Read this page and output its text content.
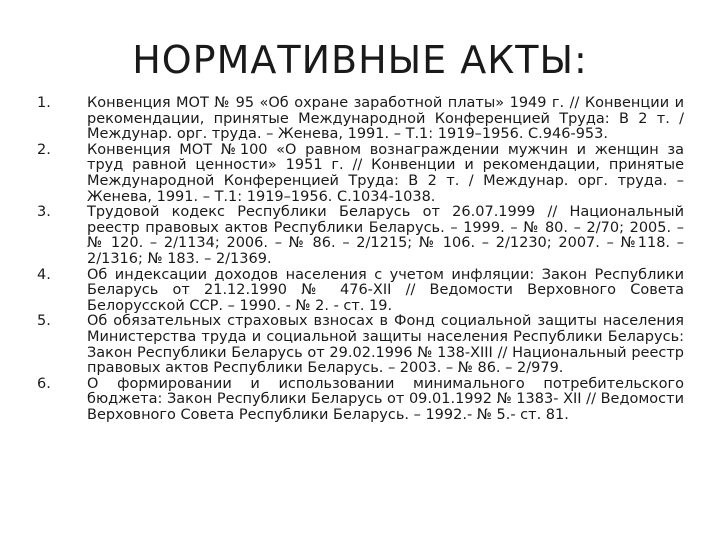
НОРМАТИВНЫЕ АКТЫ:
1.	Конвенция МОТ № 95 «Об охране заработной платы» 1949 г. // Конвенции и рекомендации, принятые Международной Конференцией Труда: В 2 т. / Междунар. орг. труда. – Женева, 1991. – Т.1: 1919–1956. С.946-953.
2.	Конвенция МОТ №100 «О равном вознаграждении мужчин и женщин за труд равной ценности» 1951 г. // Конвенции и рекомендации, принятые Международной Конференцией Труда: В 2 т. / Междунар. орг. труда. – Женева, 1991. – Т.1: 1919–1956. С.1034-1038.
3.	Трудовой кодекс Республики Беларусь от 26.07.1999 // Национальный реестр правовых актов Республики Беларусь. – 1999. – № 80. – 2/70; 2005. – № 120. – 2/1134; 2006. – № 86. – 2/1215; № 106. – 2/1230; 2007. – №118. – 2/1316; № 183. – 2/1369.
4.	Об индексации доходов населения с учетом инфляции: Закон Республики Беларусь от 21.12.1990 № 476-XII // Ведомости Верховного Совета Белорусской ССР. – 1990. - № 2. - ст. 19.
5.	Об обязательных страховых взносах в Фонд социальной защиты населения Министерства труда и социальной защиты населения Республики Беларусь: Закон Республики Беларусь от 29.02.1996 № 138-XIII // Национальный реестр правовых актов Республики Беларусь. – 2003. – № 86. – 2/979.
6.	О формировании и использовании минимального потребительского бюджета: Закон Республики Беларусь от 09.01.1992 № 1383- XII // Ведомости Верховного Совета Республики Беларусь. – 1992.- № 5.- ст. 81.
